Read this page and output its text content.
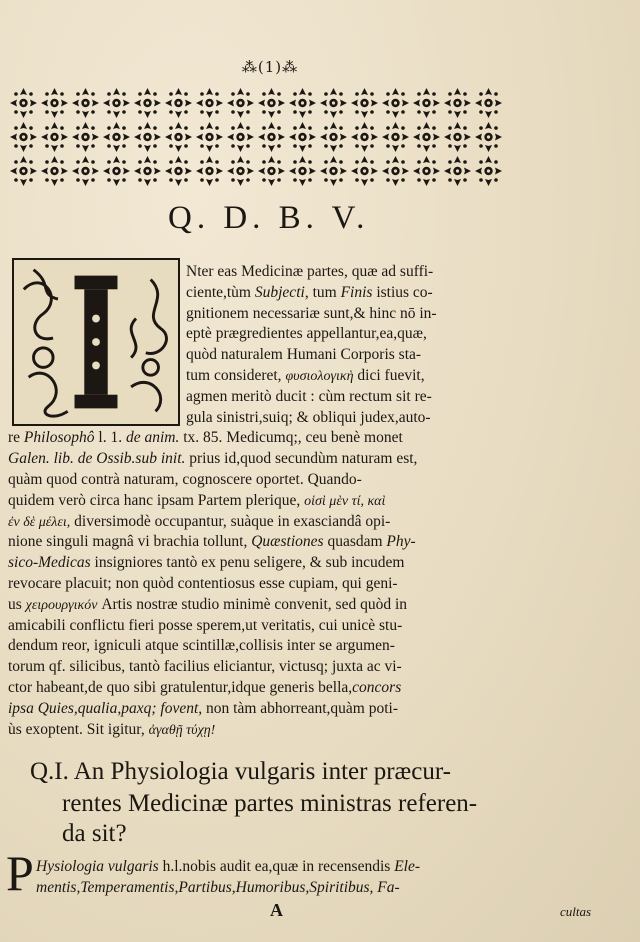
⁂(1)⁂
Q. D. B. V.
Nter eas Medicinæ partes, quæ ad suffi-
ciente,tùm Subjecti, tum Finis istius co-
gnitionem necessariæ sunt,& hinc nō in-
eptè prægredientes appellantur,ea,quæ,
quòd naturalem Humani Corporis sta-
tum consideret, φυσιολογικὴ dici fuevit,
agmen meritò ducit : cùm rectum sit re-
gula sinistri,suiq; & obliqui judex,auto-
re Philosophô l. 1. de anim. tx. 85. Medicumq;, ceu benè monet
Galen. lib. de Ossib.sub init. prius id,quod secundùm naturam est,
quàm quod contrà naturam, cognoscere oportet. Quando-
quidem verò circa hanc ipsam Partem plerique, οἱσὶ μὲν τί, καὶ
ἐν δὲ μέλει, diversimodè occupantur, suàque in exasciandâ opi-
nione singuli magnâ vi brachia tollunt, Quæstiones quasdam Phy-
sico-Medicas insigniores tantò ex penu seligere, & sub incudem
revocare placuit; non quòd contentiosus esse cupiam, qui geni-
us χειρουργικόν Artis nostræ studio minimè convenit, sed quòd in
amicabili conflictu fieri posse sperem,ut veritatis, cui unicè stu-
dendum reor, igniculi atque scintillæ,collisis inter se argumen-
torum qf. silicibus, tantò facilius eliciantur, victusq; juxta ac vi-
ctor habeant,de quo sibi gratulentur,idque generis bella,concors
ipsa Quies,qualia,paxq; fovent, non tàm abhorreant,quàm poti-
ùs exoptent. Sit igitur, ἀγαθῇ τύχῃ!
Q.I. An Physiologia vulgaris inter præcur-
rentes Medicinæ partes ministras referen-
da sit?
P Hysiologia vulgaris h.l.nobis audit ea,quæ in recensendis Ele-
mentis,Temperamentis,Partibus,Humoribus,Spiritibus, Fa-
A	cultas
